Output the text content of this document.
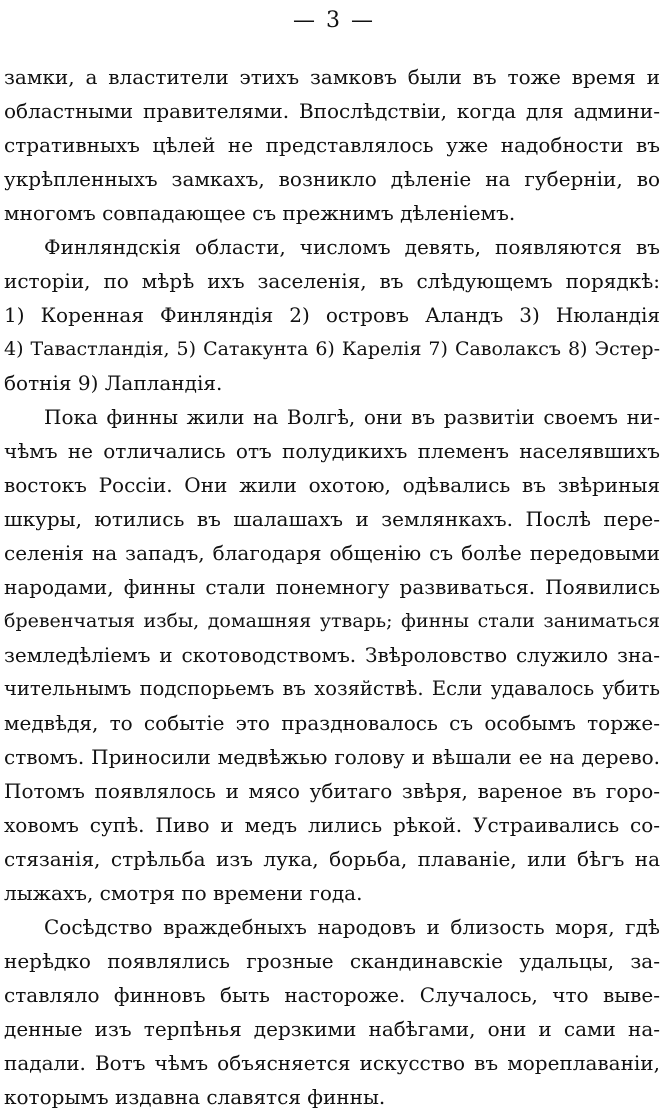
— 3 —
замки, а властители этихъ замковъ были въ тоже время и
областными правителями. Впослѣдствіи, когда для админи-
стративныхъ цѣлей не представлялось уже надобности въ
укрѣпленныхъ замкахъ, возникло дѣленіе на губерніи, во
многомъ совпадающее съ прежнимъ дѣленіемъ.
Финляндскія области, числомъ девять, появляются въ
исторіи, по мѣрѣ ихъ заселенія, въ слѣдующемъ порядкѣ:
1) Коренная Финляндія 2) островъ Аландъ 3) Нюландія
4) Тавастландія, 5) Сатакунта 6) Карелія 7) Саволаксъ 8) Эстер-
ботнія 9) Лапландія.
Пока финны жили на Волгѣ, они въ развитіи своемъ ни-
чѣмъ не отличались отъ полудикихъ племенъ населявшихъ
востокъ Россіи. Они жили охотою, одѣвались въ звѣриныя
шкуры, ютились въ шалашахъ и землянкахъ. Послѣ пере-
селенія на западъ, благодаря общенію съ болѣе передовыми
народами, финны стали понемногу развиваться. Появились
бревенчатыя избы, домашняя утварь; финны стали заниматься
земледѣліемъ и скотоводствомъ. Звѣроловство служило зна-
чительнымъ подспорьемъ въ хозяйствѣ. Если удавалось убить
медвѣдя, то событіе это праздновалось съ особымъ торже-
ствомъ. Приносили медвѣжью голову и вѣшали ее на дерево.
Потомъ появлялось и мясо убитаго звѣря, вареное въ горо-
ховомъ супѣ. Пиво и медъ лились рѣкой. Устраивались со-
стязанія, стрѣльба изъ лука, борьба, плаваніе, или бѣгъ на
лыжахъ, смотря по времени года.
Сосѣдство враждебныхъ народовъ и близость моря, гдѣ
нерѣдко появлялись грозные скандинавскіе удальцы, за-
ставляло финновъ быть настороже. Случалось, что выве-
денные изъ терпѣнья дерзкими набѣгами, они и сами на-
падали. Вотъ чѣмъ объясняется искусство въ мореплаваніи,
которымъ издавна славятся финны.
